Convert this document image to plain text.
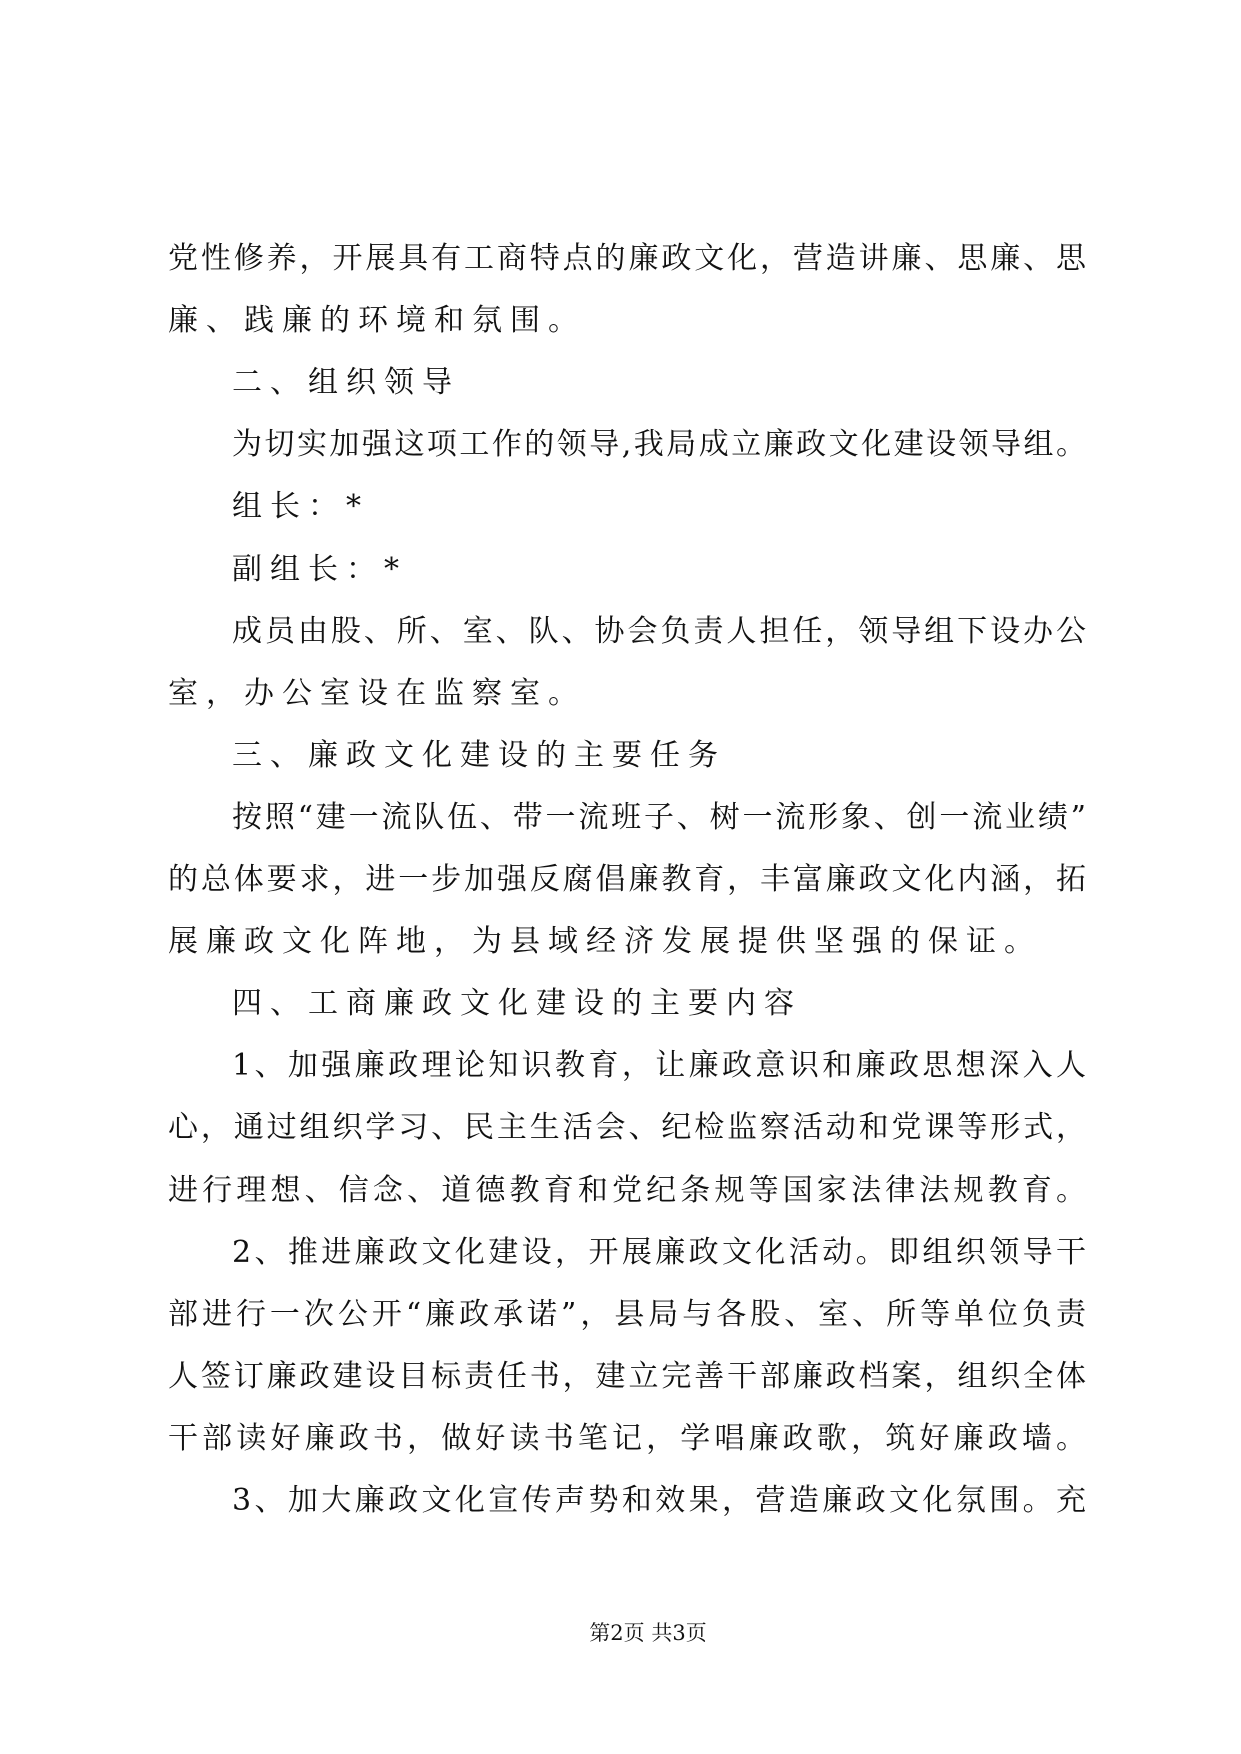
党性修养，开展具有工商特点的廉政文化，营造讲廉、思廉、思
廉、践廉的环境和氛围。
二、组织领导
为切实加强这项工作的领导,我局成立廉政文化建设领导组。
组长：*
副组长：*
成员由股、所、室、队、协会负责人担任，领导组下设办公
室，办公室设在监察室。
三、廉政文化建设的主要任务
按照“建一流队伍、带一流班子、树一流形象、创一流业绩”
的总体要求，进一步加强反腐倡廉教育，丰富廉政文化内涵，拓
展廉政文化阵地，为县域经济发展提供坚强的保证。
四、工商廉政文化建设的主要内容
1、加强廉政理论知识教育，让廉政意识和廉政思想深入人
心，通过组织学习、民主生活会、纪检监察活动和党课等形式，
进行理想、信念、道德教育和党纪条规等国家法律法规教育。
2、推进廉政文化建设，开展廉政文化活动。即组织领导干
部进行一次公开“廉政承诺”，县局与各股、室、所等单位负责
人签订廉政建设目标责任书，建立完善干部廉政档案，组织全体
干部读好廉政书，做好读书笔记，学唱廉政歌，筑好廉政墙。
3、加大廉政文化宣传声势和效果，营造廉政文化氛围。充
第2页 共3页
